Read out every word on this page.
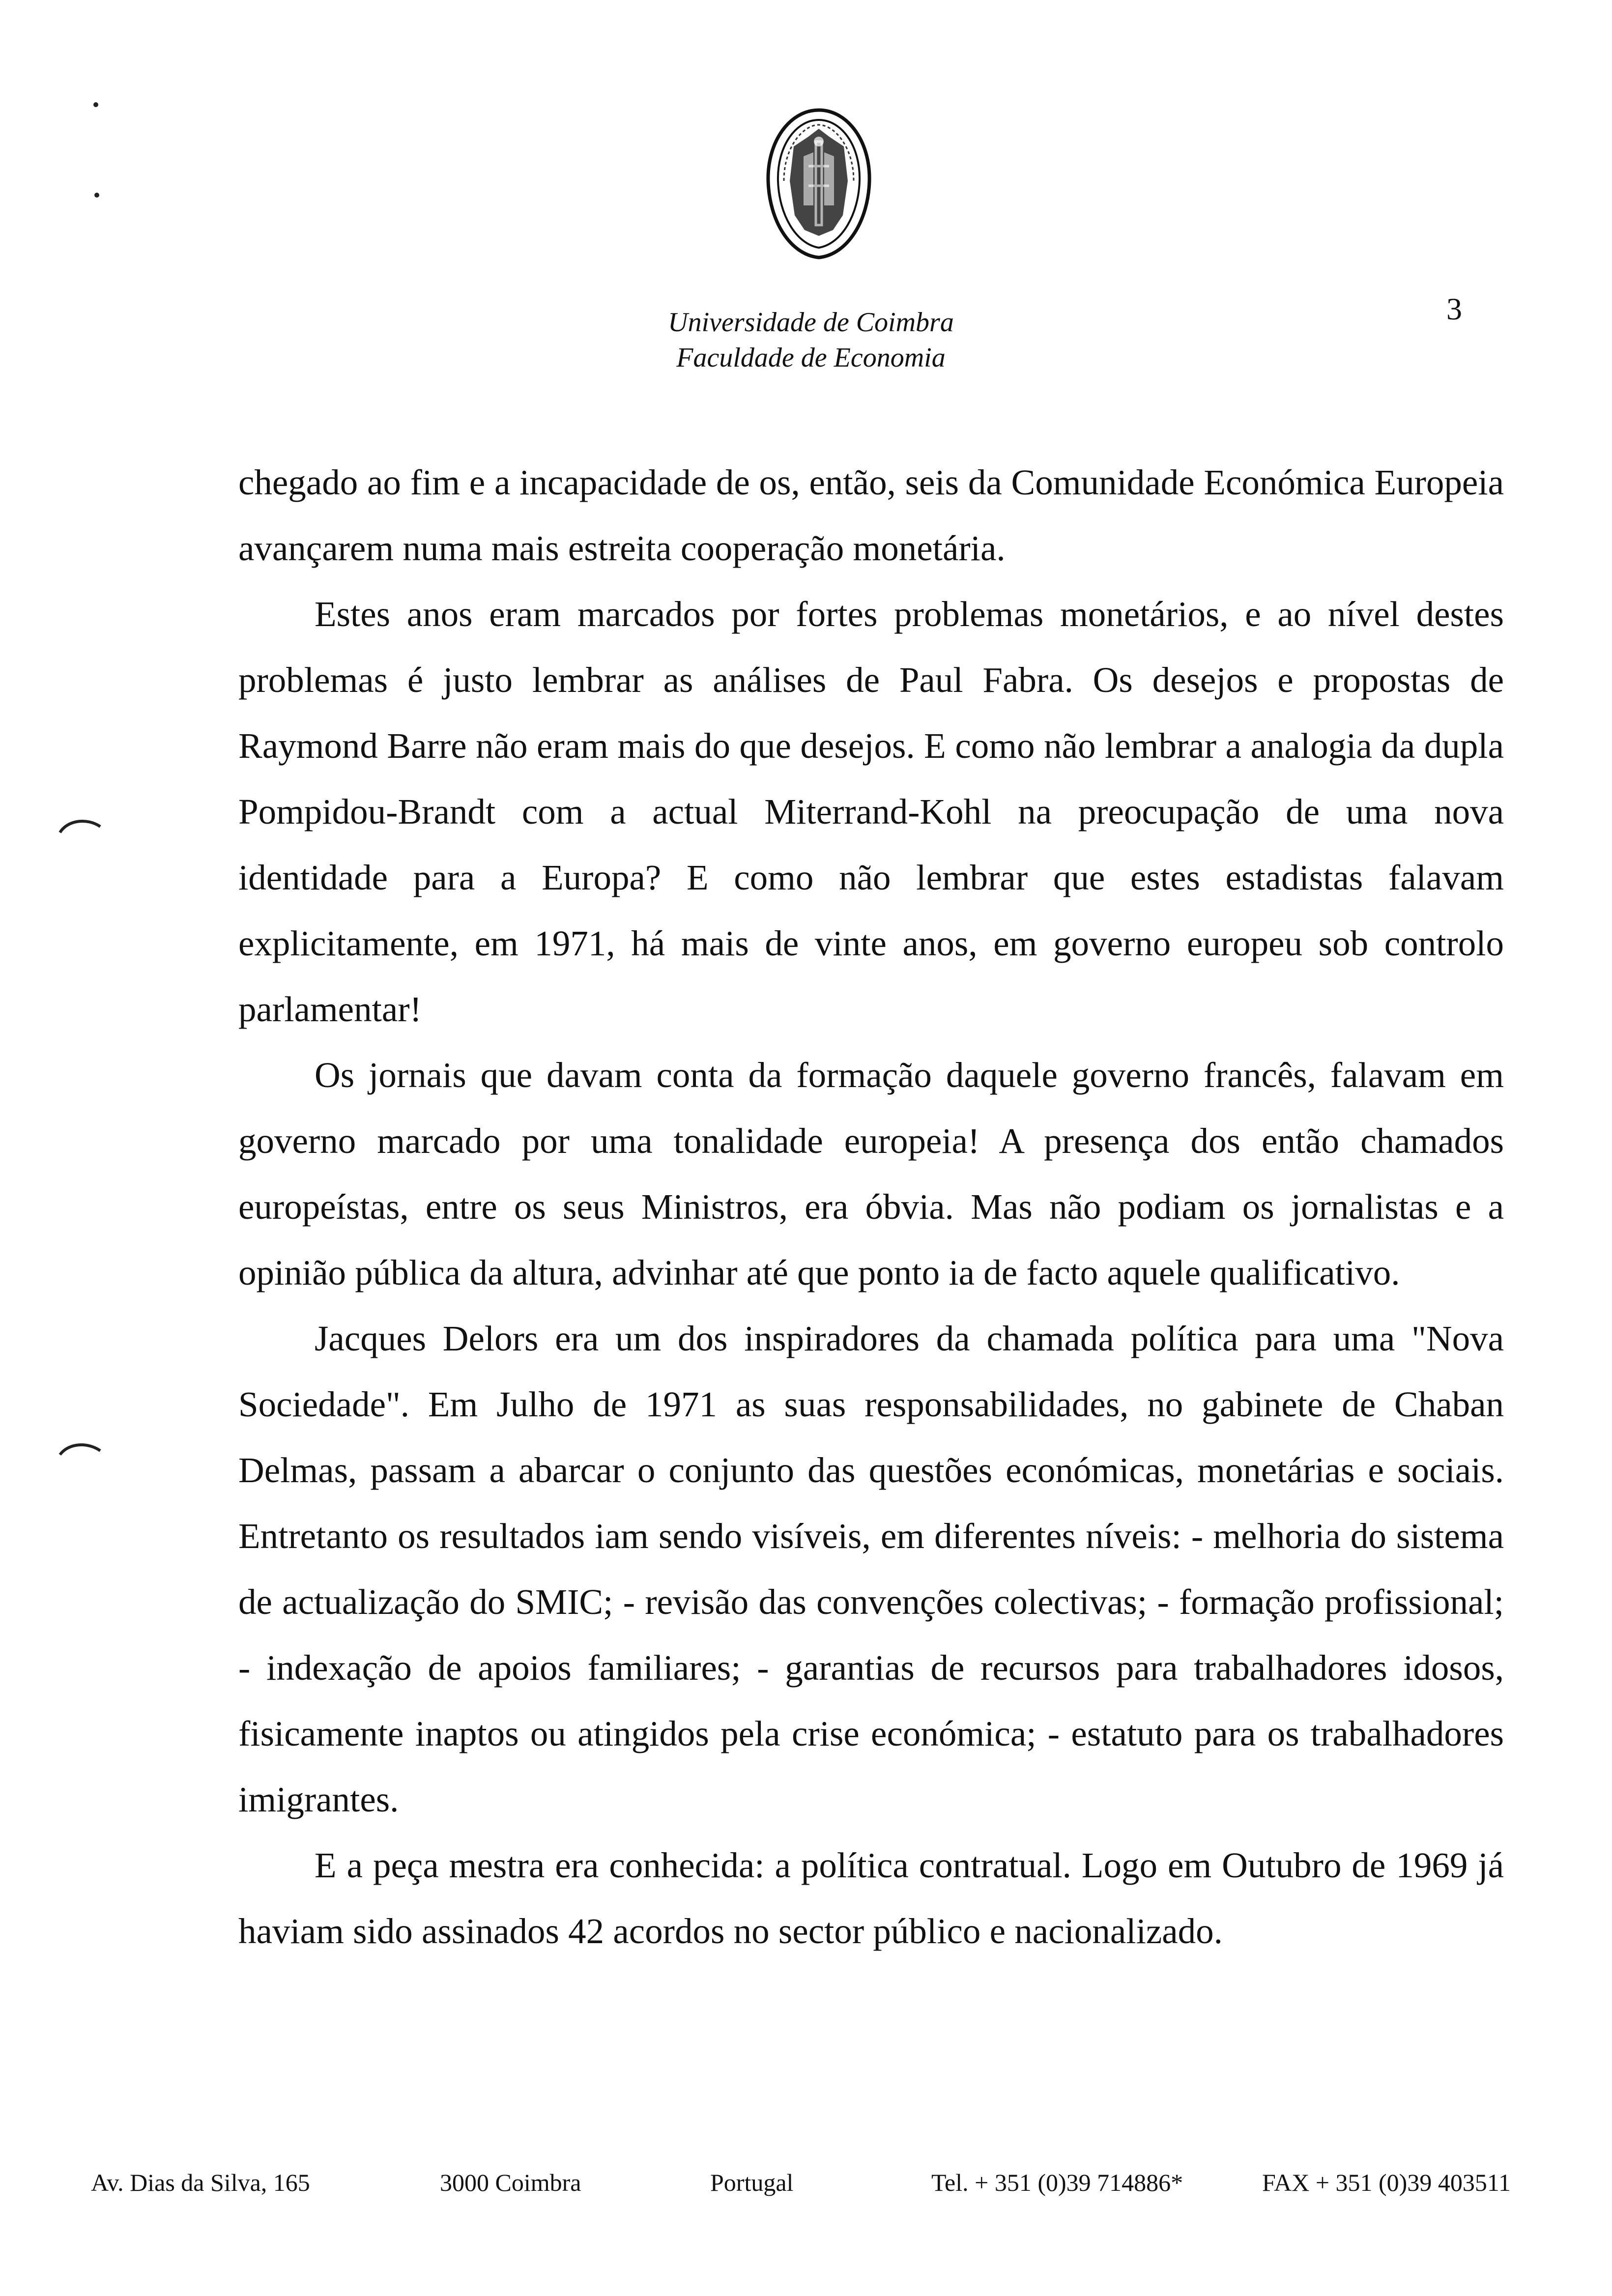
Universidade de Coimbra
Faculdade de Economia
3

chegado ao fim e a incapacidade de os, então, seis da Comunidade Económica Europeia avançarem numa mais estreita cooperação monetária.

Estes anos eram marcados por fortes problemas monetários, e ao nível destes problemas é justo lembrar as análises de Paul Fabra. Os desejos e propostas de Raymond Barre não eram mais do que desejos. E como não lembrar a analogia da dupla Pompidou-Brandt com a actual Miterrand-Kohl na preocupação de uma nova identidade para a Europa? E como não lembrar que estes estadistas falavam explicitamente, em 1971, há mais de vinte anos, em governo europeu sob controlo parlamentar!

Os jornais que davam conta da formação daquele governo francês, falavam em governo marcado por uma tonalidade europeia! A presença dos então chamados europeístas, entre os seus Ministros, era óbvia. Mas não podiam os jornalistas e a opinião pública da altura, advinhar até que ponto ia de facto aquele qualificativo.

Jacques Delors era um dos inspiradores da chamada política para uma "Nova Sociedade". Em Julho de 1971 as suas responsabilidades, no gabinete de Chaban Delmas, passam a abarcar o conjunto das questões económicas, monetárias e sociais. Entretanto os resultados iam sendo visíveis, em diferentes níveis: - melhoria do sistema de actualização do SMIC; - revisão das convenções colectivas; - formação profissional; - indexação de apoios familiares; - garantias de recursos para trabalhadores idosos, fisicamente inaptos ou atingidos pela crise económica; - estatuto para os trabalhadores imigrantes.

E a peça mestra era conhecida: a política contratual. Logo em Outubro de 1969 já haviam sido assinados 42 acordos no sector público e nacionalizado.

Av. Dias da Silva, 165	3000 Coimbra	Portugal	Tel. + 351 (0)39 714886*	FAX + 351 (0)39 403511
